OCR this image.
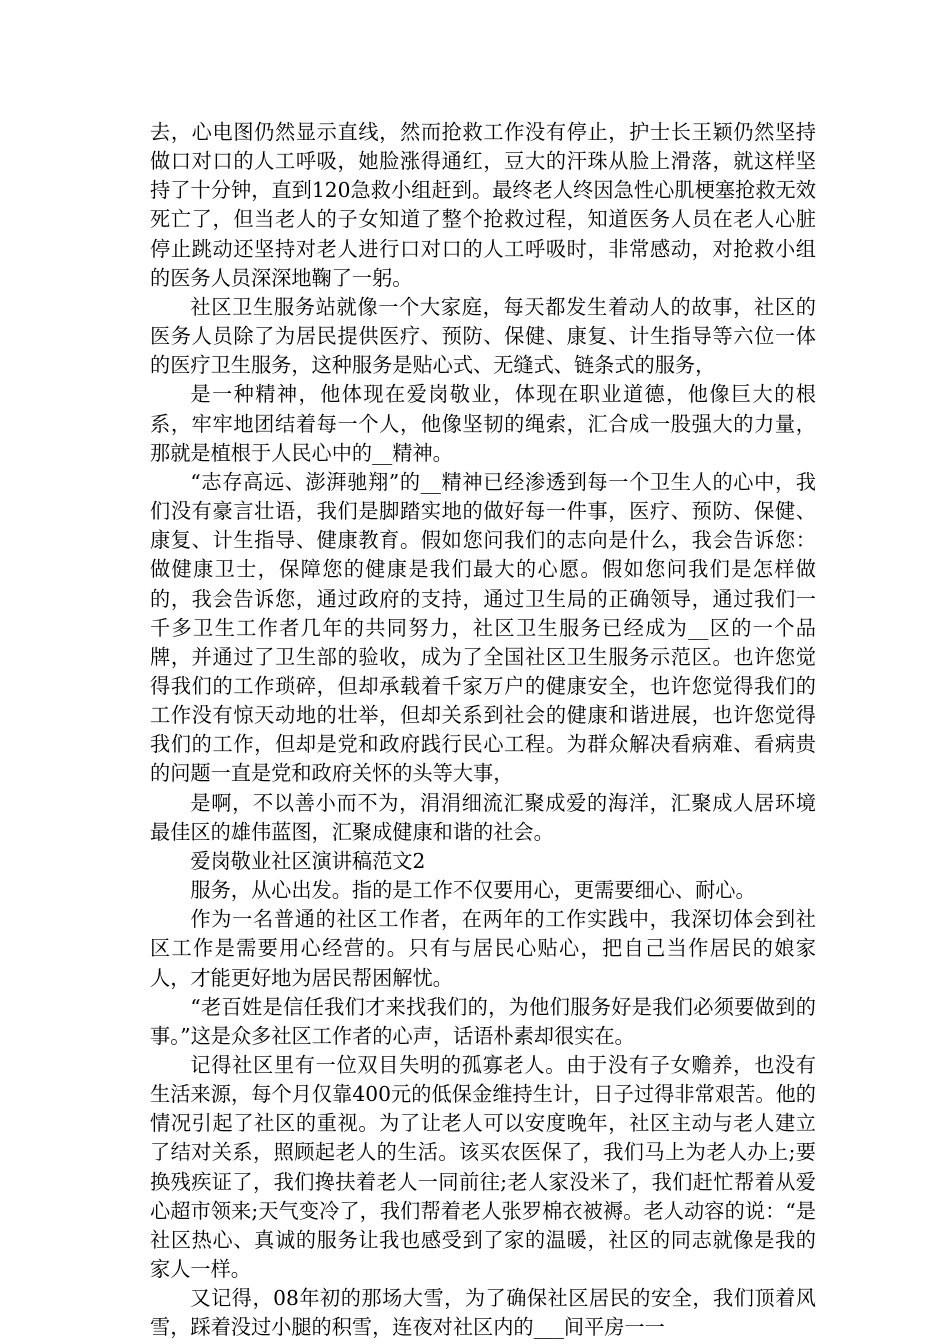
去，心电图仍然显示直线，然而抢救工作没有停止，护士长王颖仍然坚持做口对口的人工呼吸，她脸涨得通红，豆大的汗珠从脸上滑落，就这样坚持了十分钟，直到120急救小组赶到。最终老人终因急性心肌梗塞抢救无效死亡了，但当老人的子女知道了整个抢救过程，知道医务人员在老人心脏停止跳动还坚持对老人进行口对口的人工呼吸时，非常感动，对抢救小组的医务人员深深地鞠了一躬。

社区卫生服务站就像一个大家庭，每天都发生着动人的故事，社区的医务人员除了为居民提供医疗、预防、保健、康复、计生指导等六位一体的医疗卫生服务，这种服务是贴心式、无缝式、链条式的服务，

是一种精神，他体现在爱岗敬业，体现在职业道德，他像巨大的根系，牢牢地团结着每一个人，他像坚韧的绳索，汇合成一股强大的力量，那就是植根于人民心中的__精神。

“志存高远、澎湃驰翔”的__精神已经渗透到每一个卫生人的心中，我们没有豪言壮语，我们是脚踏实地的做好每一件事，医疗、预防、保健、康复、计生指导、健康教育。假如您问我们的志向是什么，我会告诉您：做健康卫士，保障您的健康是我们最大的心愿。假如您问我们是怎样做的，我会告诉您，通过政府的支持，通过卫生局的正确领导，通过我们一千多卫生工作者几年的共同努力，社区卫生服务已经成为__区的一个品牌，并通过了卫生部的验收，成为了全国社区卫生服务示范区。也许您觉得我们的工作琐碎，但却承载着千家万户的健康安全，也许您觉得我们的工作没有惊天动地的壮举，但却关系到社会的健康和谐进展，也许您觉得我们的工作，但却是党和政府践行民心工程。为群众解决看病难、看病贵的问题一直是党和政府关怀的头等大事，

是啊，不以善小而不为，涓涓细流汇聚成爱的海洋，汇聚成人居环境最佳区的雄伟蓝图，汇聚成健康和谐的社会。

爱岗敬业社区演讲稿范文2

服务，从心出发。指的是工作不仅要用心，更需要细心、耐心。

作为一名普通的社区工作者，在两年的工作实践中，我深切体会到社区工作是需要用心经营的。只有与居民心贴心，把自己当作居民的娘家人，才能更好地为居民帮困解忧。

“老百姓是信任我们才来找我们的，为他们服务好是我们必须要做到的事。”这是众多社区工作者的心声，话语朴素却很实在。

记得社区里有一位双目失明的孤寡老人。由于没有子女赡养，也没有生活来源，每个月仅靠400元的低保金维持生计，日子过得非常艰苦。他的情况引起了社区的重视。为了让老人可以安度晚年，社区主动与老人建立了结对关系，照顾起老人的生活。该买农医保了，我们马上为老人办上;要换残疾证了，我们搀扶着老人一同前往;老人家没米了，我们赶忙帮着从爱心超市领来;天气变冷了，我们帮着老人张罗棉衣被褥。老人动容的说：“是社区热心、真诚的服务让我也感受到了家的温暖，社区的同志就像是我的家人一样。

又记得，08年初的那场大雪，为了确保社区居民的安全，我们顶着风雪，踩着没过小腿的积雪，连夜对社区内的___间平房一一
